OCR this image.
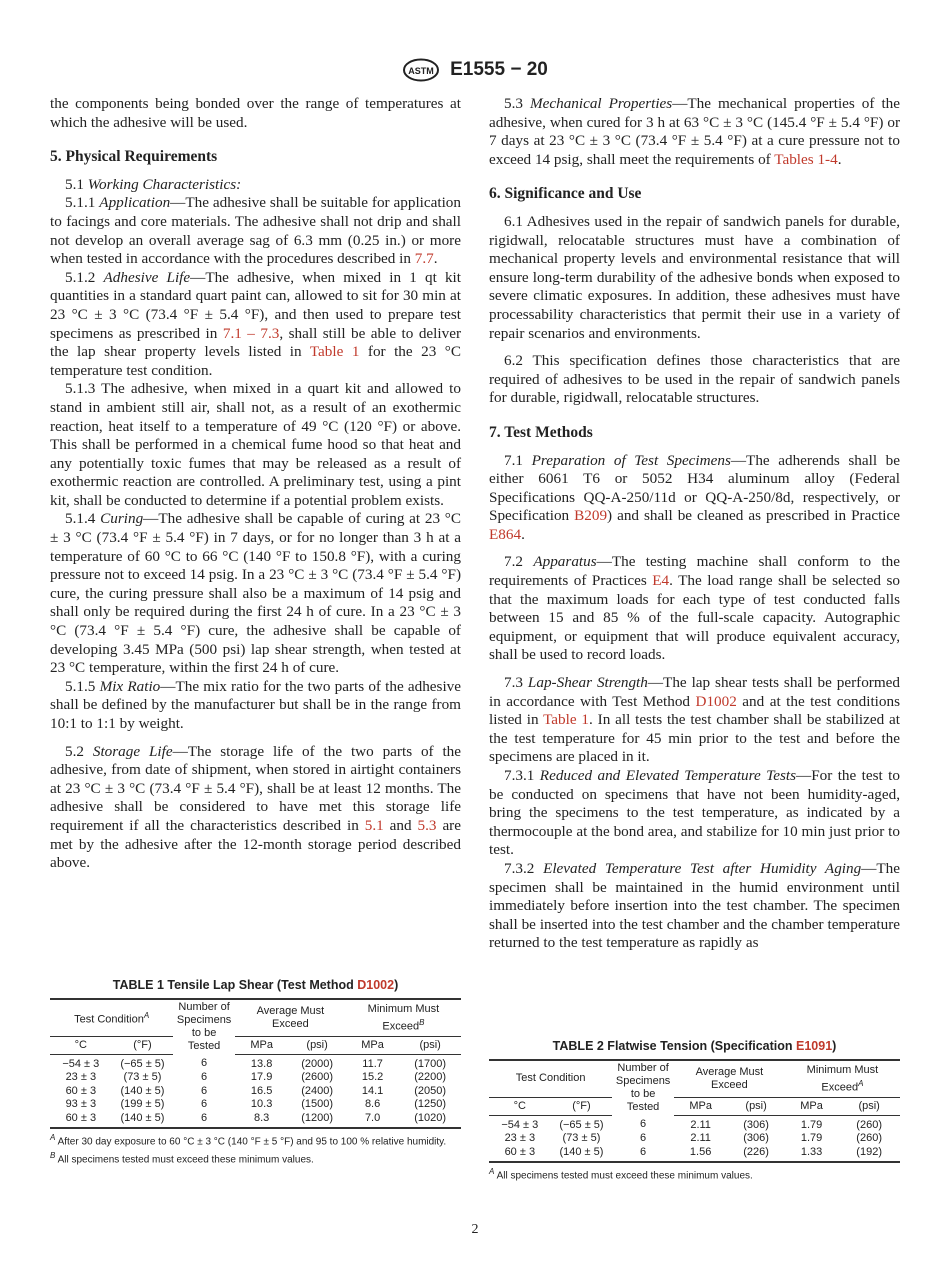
ASTM E1555 − 20

the components being bonded over the range of temperatures at which the adhesive will be used.

5. Physical Requirements

5.1 Working Characteristics:

5.1.1 Application—The adhesive shall be suitable for application to facings and core materials. The adhesive shall not drip and shall not develop an overall average sag of 6.3 mm (0.25 in.) or more when tested in accordance with the procedures described in 7.7.

5.1.2 Adhesive Life—The adhesive, when mixed in 1 qt kit quantities in a standard quart paint can, allowed to sit for 30 min at 23 °C ± 3 °C (73.4 °F ± 5.4 °F), and then used to prepare test specimens as prescribed in 7.1 – 7.3, shall still be able to deliver the lap shear property levels listed in Table 1 for the 23 °C temperature test condition.

5.1.3 The adhesive, when mixed in a quart kit and allowed to stand in ambient still air, shall not, as a result of an exothermic reaction, heat itself to a temperature of 49 °C (120 °F) or above. This shall be performed in a chemical fume hood so that heat and any potentially toxic fumes that may be released as a result of exothermic reaction are controlled. A preliminary test, using a pint kit, shall be conducted to determine if a potential problem exists.

5.1.4 Curing—The adhesive shall be capable of curing at 23 °C ± 3 °C (73.4 °F ± 5.4 °F) in 7 days, or for no longer than 3 h at a temperature of 60 °C to 66 °C (140 °F to 150.8 °F), with a curing pressure not to exceed 14 psig. In a 23 °C ± 3 °C (73.4 °F ± 5.4 °F) cure, the curing pressure shall also be a maximum of 14 psig and shall only be required during the first 24 h of cure. In a 23 °C ± 3 °C (73.4 °F ± 5.4 °F) cure, the adhesive shall be capable of developing 3.45 MPa (500 psi) lap shear strength, when tested at 23 °C temperature, within the first 24 h of cure.

5.1.5 Mix Ratio—The mix ratio for the two parts of the adhesive shall be defined by the manufacturer but shall be in the range from 10:1 to 1:1 by weight.

5.2 Storage Life—The storage life of the two parts of the adhesive, from date of shipment, when stored in airtight containers at 23 °C ± 3 °C (73.4 °F ± 5.4 °F), shall be at least 12 months. The adhesive shall be considered to have met this storage life requirement if all the characteristics described in 5.1 and 5.3 are met by the adhesive after the 12-month storage period described above.

5.3 Mechanical Properties—The mechanical properties of the adhesive, when cured for 3 h at 63 °C ± 3 °C (145.4 °F ± 5.4 °F) or 7 days at 23 °C ± 3 °C (73.4 °F ± 5.4 °F) at a cure pressure not to exceed 14 psig, shall meet the requirements of Tables 1-4.

6. Significance and Use

6.1 Adhesives used in the repair of sandwich panels for durable, rigidwall, relocatable structures must have a combination of mechanical property levels and environmental resistance that will ensure long-term durability of the adhesive bonds when exposed to severe climatic exposures. In addition, these adhesives must have processability characteristics that permit their use in a variety of repair scenarios and environments.

6.2 This specification defines those characteristics that are required of adhesives to be used in the repair of sandwich panels for durable, rigidwall, relocatable structures.

7. Test Methods

7.1 Preparation of Test Specimens—The adherends shall be either 6061 T6 or 5052 H34 aluminum alloy (Federal Specifications QQ-A-250/11d or QQ-A-250/8d, respectively, or Specification B209) and shall be cleaned as prescribed in Practice E864.

7.2 Apparatus—The testing machine shall conform to the requirements of Practices E4. The load range shall be selected so that the maximum loads for each type of test conducted falls between 15 and 85 % of the full-scale capacity. Autographic equipment, or equipment that will produce equivalent accuracy, shall be used to record loads.

7.3 Lap-Shear Strength—The lap shear tests shall be performed in accordance with Test Method D1002 and at the test conditions listed in Table 1. In all tests the test chamber shall be stabilized at the test temperature for 45 min prior to the test and before the specimens are placed in it.

7.3.1 Reduced and Elevated Temperature Tests—For the test to be conducted on specimens that have not been humidity-aged, bring the specimens to the test temperature, as indicated by a thermocouple at the bond area, and stabilize for 10 min just prior to test.

7.3.2 Elevated Temperature Test after Humidity Aging—The specimen shall be maintained in the humid environment until immediately before insertion into the test chamber. The specimen shall be inserted into the test chamber and the chamber temperature returned to the test temperature as rapidly as

TABLE 1 Tensile Lap Shear (Test Method D1002)
Test Condition$^A$		Number of Specimens to be Tested	Average Must Exceed		Minimum Must Exceed$^B$
°C	(°F)		MPa	(psi)	MPa	(psi)
−54 ± 3	(−65 ± 5)	6	13.8	(2000)	11.7	(1700)
23 ± 3	(73 ± 5)	6	17.9	(2600)	15.2	(2200)
60 ± 3	(140 ± 5)	6	16.5	(2400)	14.1	(2050)
93 ± 3	(199 ± 5)	6	10.3	(1500)	8.6	(1250)
60 ± 3	(140 ± 5)	6	8.3	(1200)	7.0	(1020)
$^A$ After 30 day exposure to 60 °C ± 3 °C (140 °F ± 5 °F) and 95 to 100 % relative humidity.
$^B$ All specimens tested must exceed these minimum values.
TABLE 2 Flatwise Tension (Specification E1091)
Test Condition		Number of Specimens to be Tested	Average Must Exceed		Minimum Must Exceed$^A$
°C	(°F)		MPa	(psi)	MPa	(psi)
−54 ± 3	(−65 ± 5)	6	2.11	(306)	1.79	(260)
23 ± 3	(73 ± 5)	6	2.11	(306)	1.79	(260)
60 ± 3	(140 ± 5)	6	1.56	(226)	1.33	(192)
$^A$ All specimens tested must exceed these minimum values.
2
